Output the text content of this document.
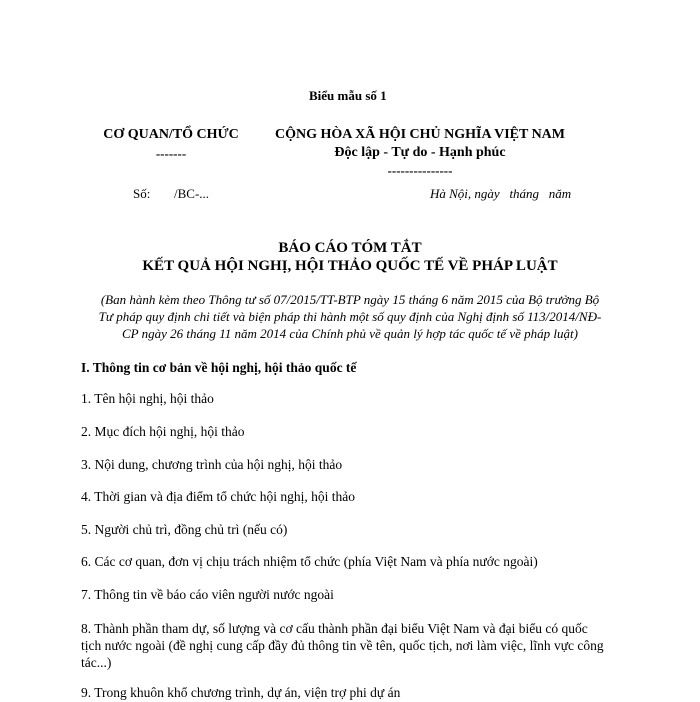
Biểu mẫu số 1
CƠ QUAN/TỔ CHỨC
-------
CỘNG HÒA XÃ HỘI CHỦ NGHĨA VIỆT NAM
Độc lập - Tự do - Hạnh phúc
---------------
Số: /BC-...	Hà Nội, ngày   tháng   năm
BÁO CÁO TÓM TẮT
KẾT QUẢ HỘI NGHỊ, HỘI THẢO QUỐC TẾ VỀ PHÁP LUẬT
(Ban hành kèm theo Thông tư số 07/2015/TT-BTP ngày 15 tháng 6 năm 2015 của Bộ trưởng Bộ
Tư pháp quy định chi tiết và biện pháp thi hành một số quy định của Nghị định số 113/2014/NĐ-
CP ngày 26 tháng 11 năm 2014 của Chính phủ về quản lý hợp tác quốc tế về pháp luật)
I. Thông tin cơ bản về hội nghị, hội thảo quốc tế
1. Tên hội nghị, hội thảo
2. Mục đích hội nghị, hội thảo
3. Nội dung, chương trình của hội nghị, hội thảo
4. Thời gian và địa điểm tổ chức hội nghị, hội thảo
5. Người chủ trì, đồng chủ trì (nếu có)
6. Các cơ quan, đơn vị chịu trách nhiệm tổ chức (phía Việt Nam và phía nước ngoài)
7. Thông tin về báo cáo viên người nước ngoài
8. Thành phần tham dự, số lượng và cơ cấu thành phần đại biểu Việt Nam và đại biểu có quốc
tịch nước ngoài (đề nghị cung cấp đầy đủ thông tin về tên, quốc tịch, nơi làm việc, lĩnh vực công
tác...)
9. Trong khuôn khổ chương trình, dự án, viện trợ phi dự án
